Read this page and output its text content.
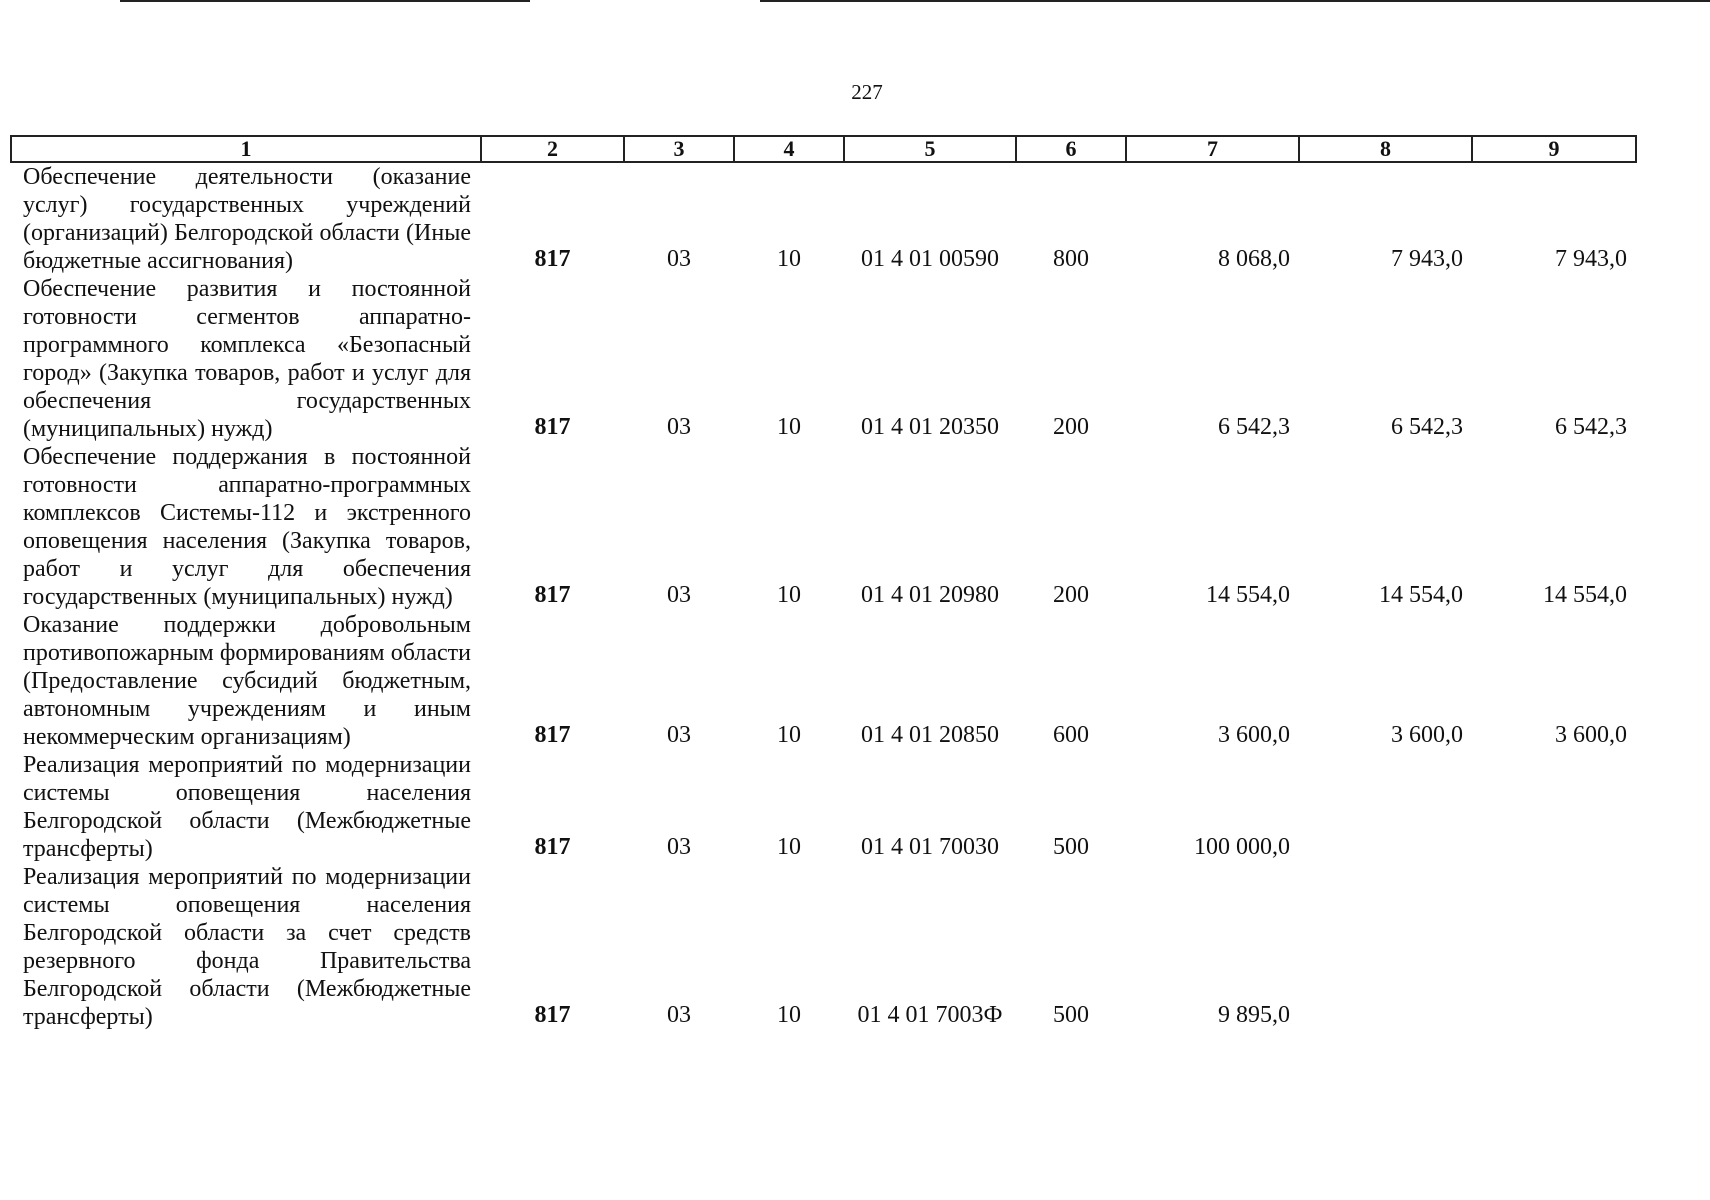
227
1	2	3	4	5	6	7	8	9
Обеспечение деятельности (оказание услуг) государственных учреждений (организаций) Белгородской области (Иные бюджетные ассигнования)	817	03	10	01 4 01 00590	800	8 068,0	7 943,0	7 943,0
Обеспечение развития и постоянной готовности сегментов аппаратно-программного комплекса «Безопасный город» (Закупка товаров, работ и услуг для обеспечения государственных (муниципальных) нужд)	817	03	10	01 4 01 20350	200	6 542,3	6 542,3	6 542,3
Обеспечение поддержания в постоянной готовности аппаратно-программных комплексов Системы-112 и экстренного оповещения населения (Закупка товаров, работ и услуг для обеспечения государственных (муниципальных) нужд)	817	03	10	01 4 01 20980	200	14 554,0	14 554,0	14 554,0
Оказание поддержки добровольным противопожарным формированиям области (Предоставление субсидий бюджетным, автономным учреждениям и иным некоммерческим организациям)	817	03	10	01 4 01 20850	600	3 600,0	3 600,0	3 600,0
Реализация мероприятий по модернизации системы оповещения населения Белгородской области (Межбюджетные трансферты)	817	03	10	01 4 01 70030	500	100 000,0		
Реализация мероприятий по модернизации системы оповещения населения Белгородской области за счет средств резервного фонда Правительства Белгородской области (Межбюджетные трансферты)	817	03	10	01 4 01 7003Ф	500	9 895,0		
